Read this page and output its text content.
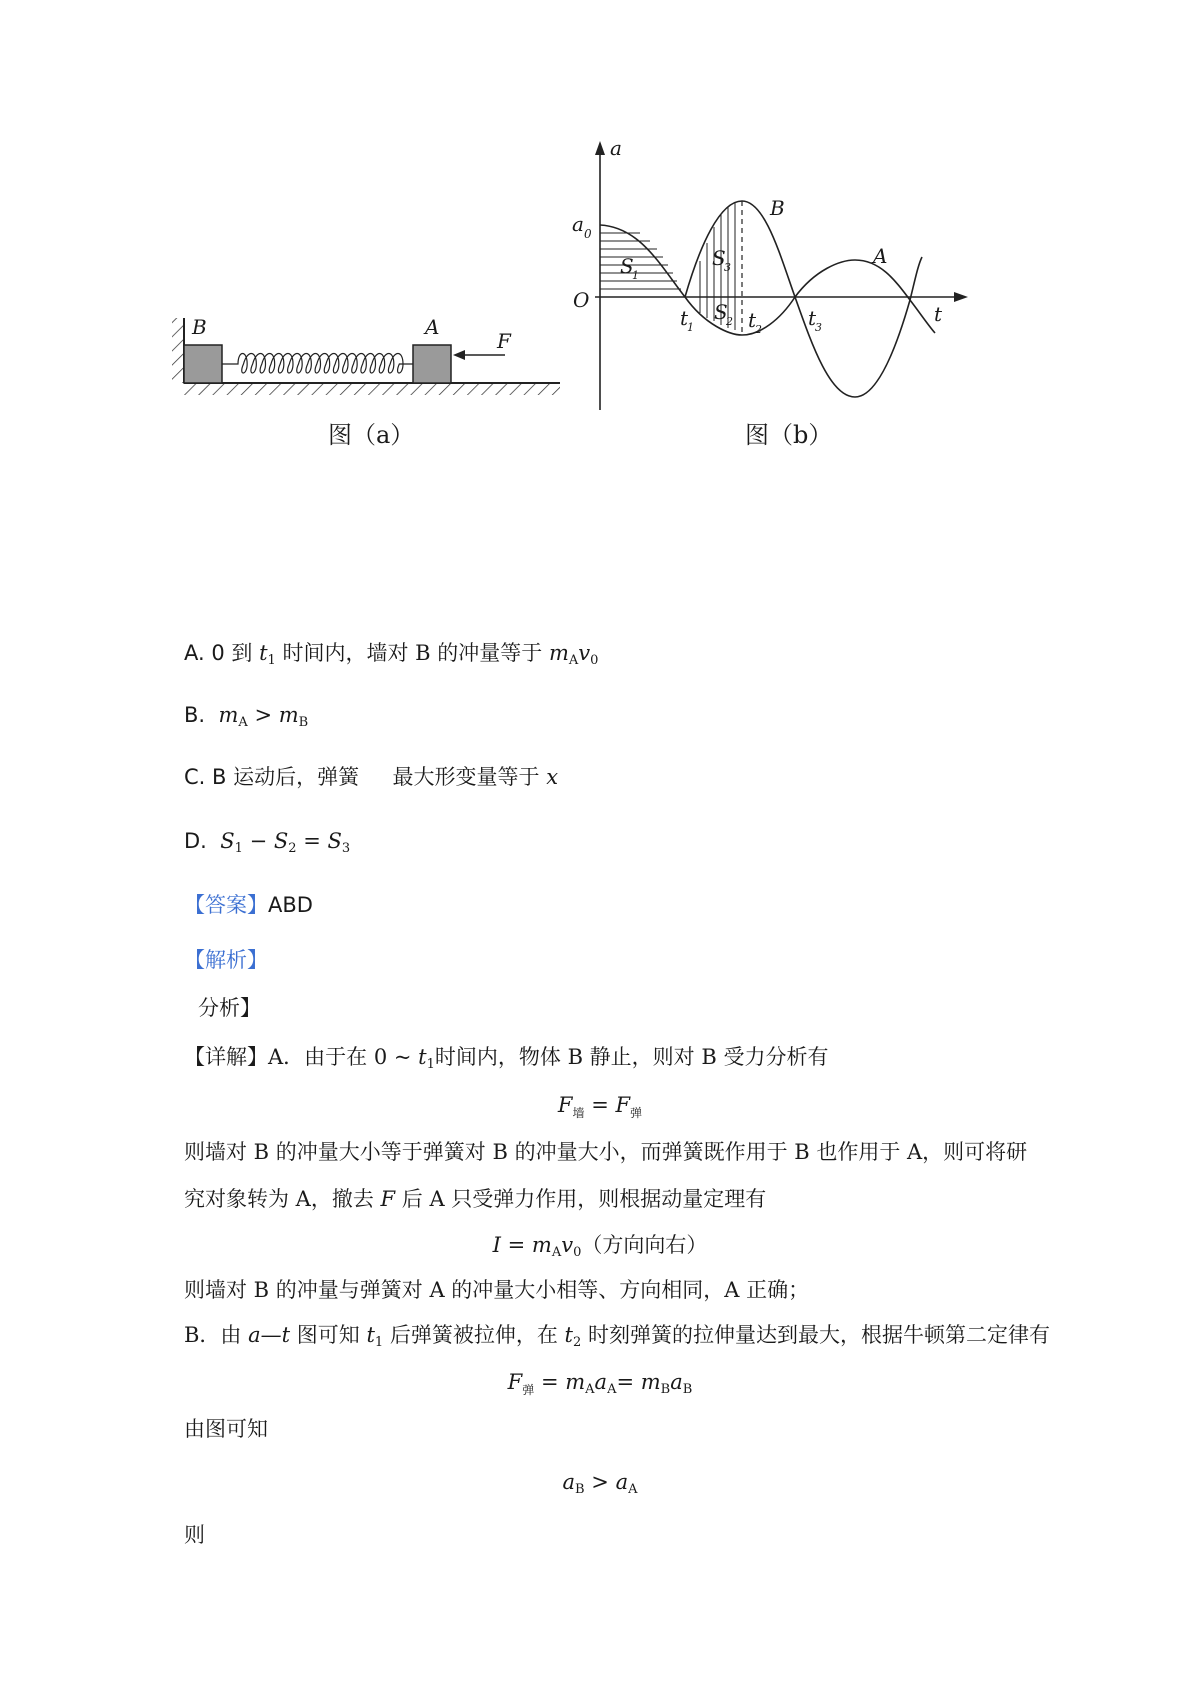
B	A
F
图（a）
a
t
a 0
O
B
A
S
1
S
3
S
2
t
1	t
2 t
3
图（b）
A. 0 到 $t_1$ 时间内，墙对 B 的冲量等于 $m_Av_0$
B. $m_A > m_B$
C. B 运动后，弹簧 最大形变量等于 x
D. $S_1 - S_2 = S_3$
【答案】ABD
【解析】
分析】
【详解】A．由于在 0 ~ $t_1$时间内，物体 B 静止，则对 B 受力分析有
$F_墙 = F_弹$
则墙对 B 的冲量大小等于弹簧对 B 的冲量大小，而弹簧既作用于 B 也作用于 A，则可将研
究对象转为 A，撤去 F 后 A 只受弹力作用，则根据动量定理有
$I = m_Av_0$（方向向右）
则墙对 B 的冲量与弹簧对 A 的冲量大小相等、方向相同，A 正确；
B．由 a—t 图可知 $t_1$ 后弹簧被拉伸，在 $t_2$ 时刻弹簧的拉伸量达到最大，根据牛顿第二定律有
$F_弹 = m_Aa_A= m_Ba_B$
由图可知
$a_B > a_A$
则
